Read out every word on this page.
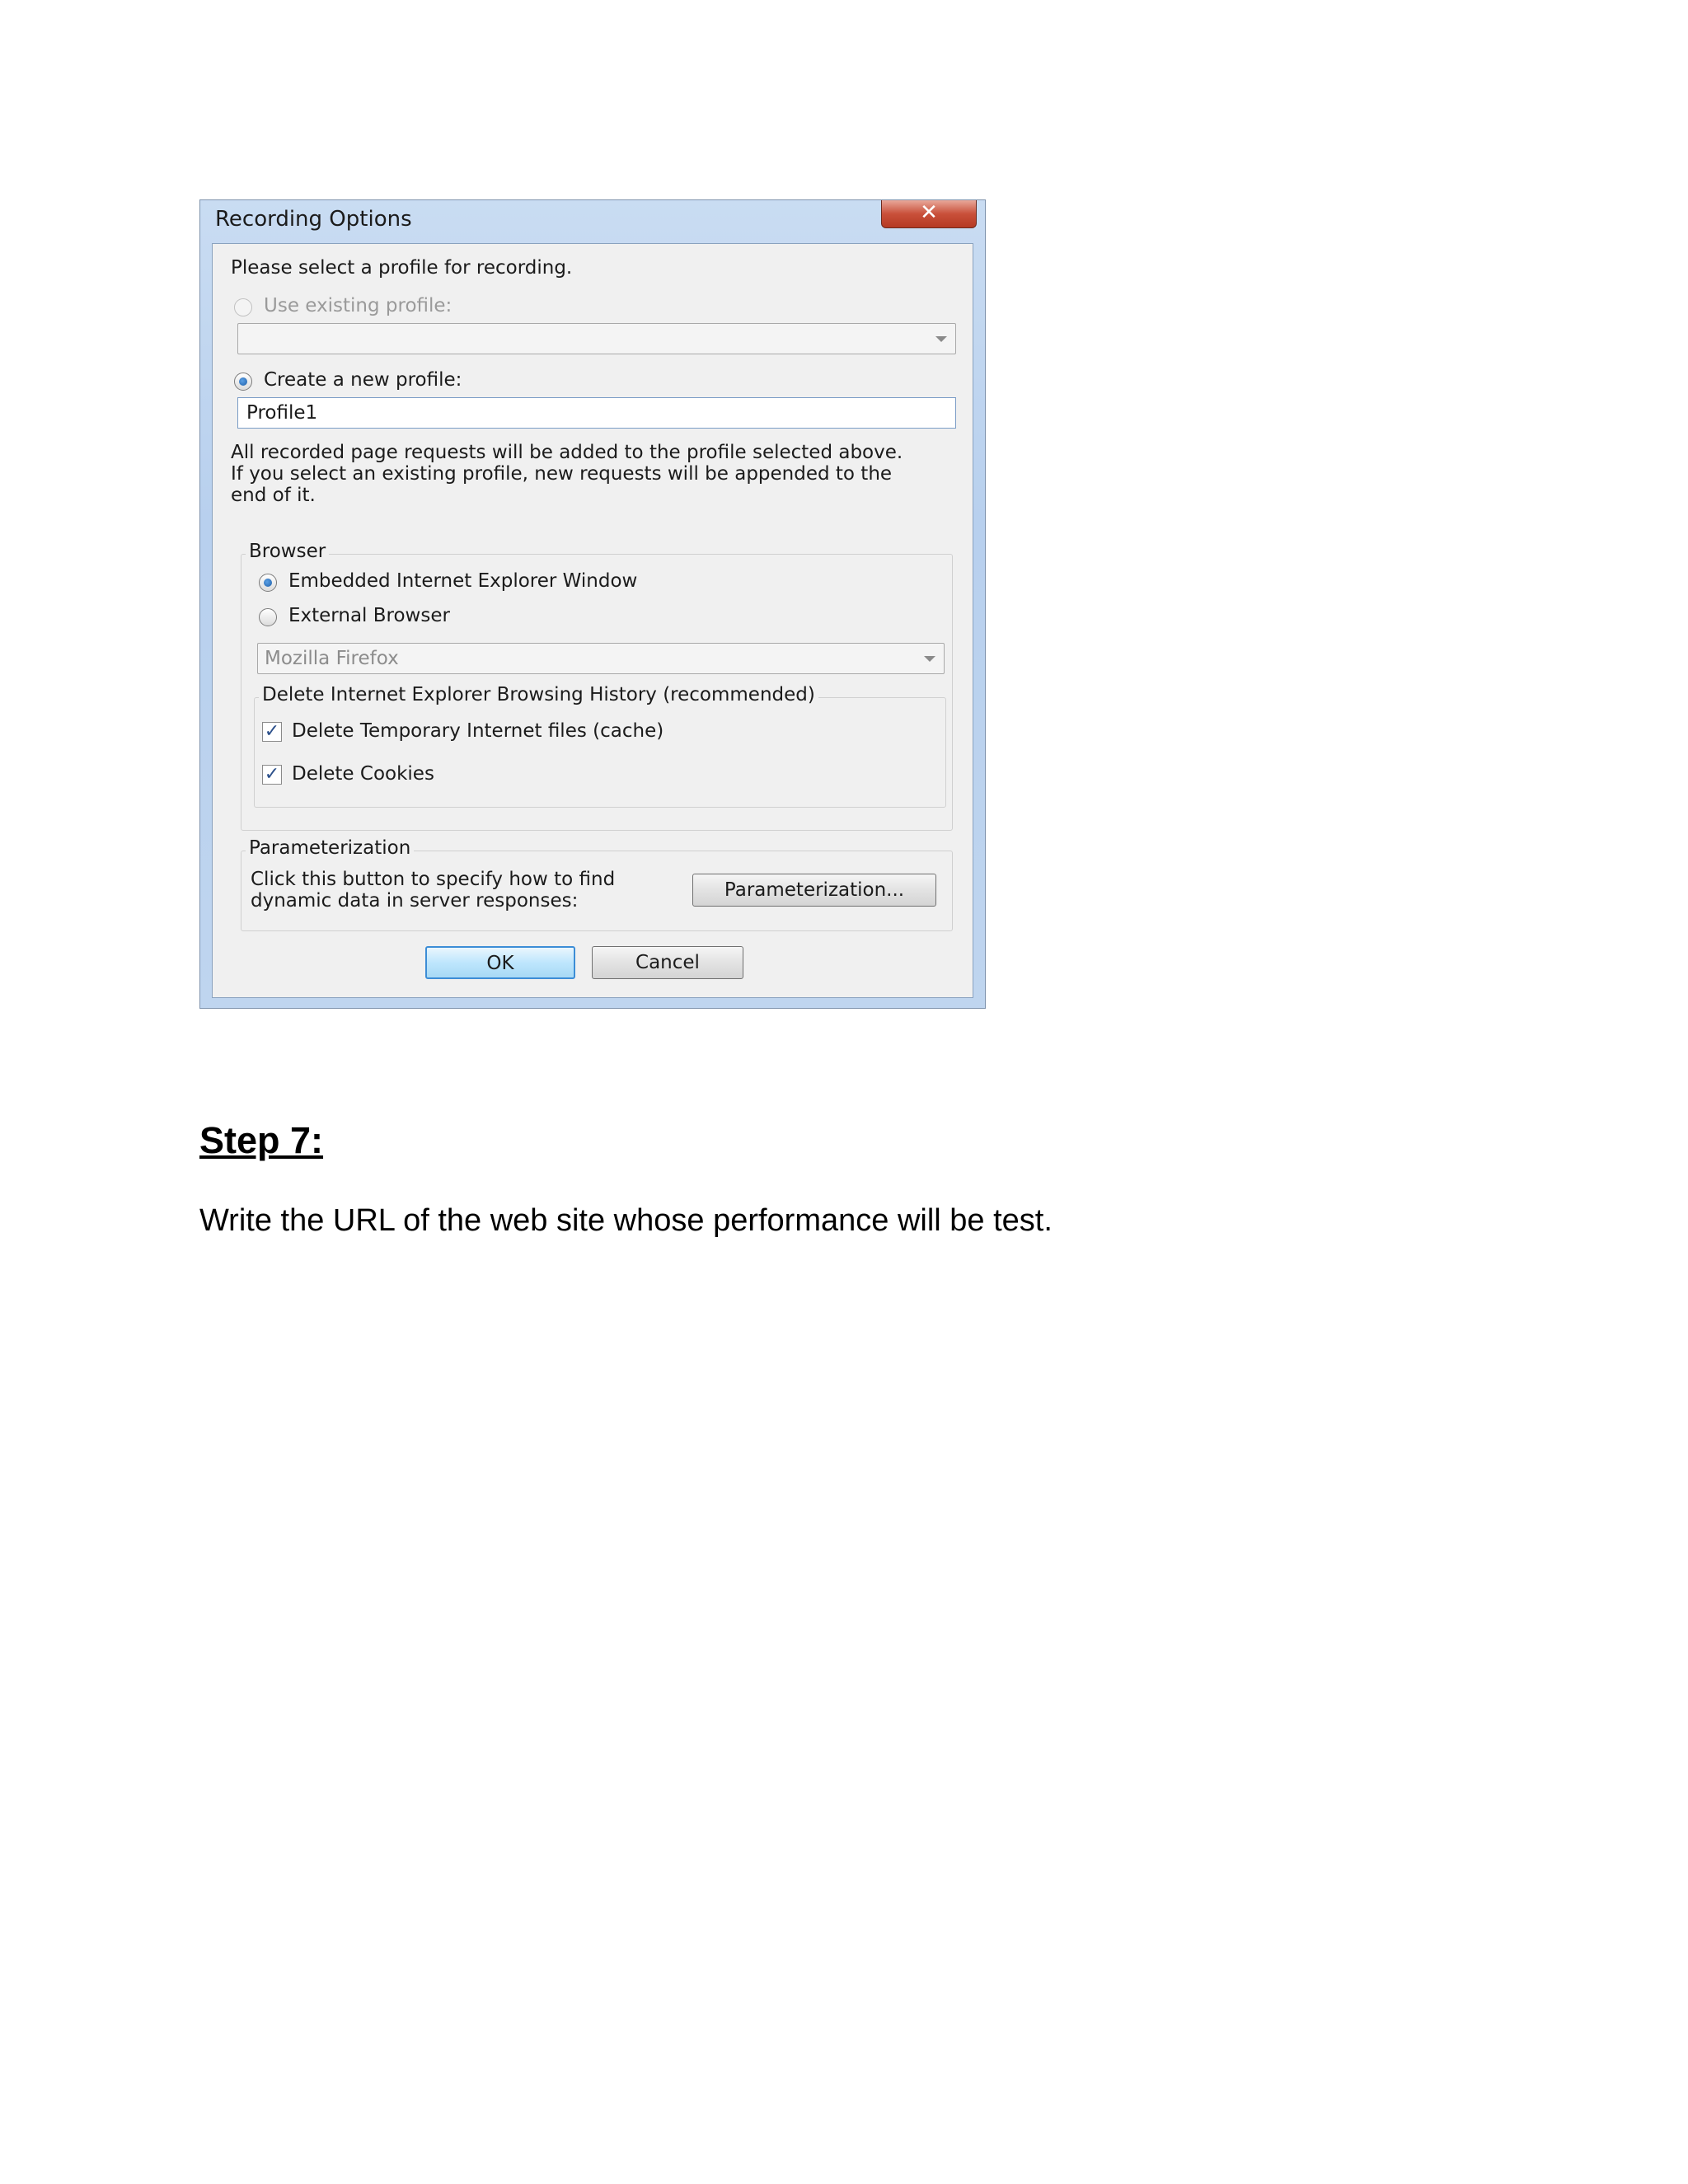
Recording Options	✕
Please select a profile for recording.
Use existing profile:
Create a new profile:
Profile1
All recorded page requests will be added to the profile selected above.
If you select an existing profile, new requests will be appended to the
end of it.
Browser
Embedded Internet Explorer Window
External Browser
Mozilla Firefox
Delete Internet Explorer Browsing History (recommended)
✓ Delete Temporary Internet files (cache)
✓ Delete Cookies
Parameterization
Click this button to specify how to find
dynamic data in server responses:	Parameterization...
OK	Cancel
Step 7:
Write the URL of the web site whose performance will be test.
